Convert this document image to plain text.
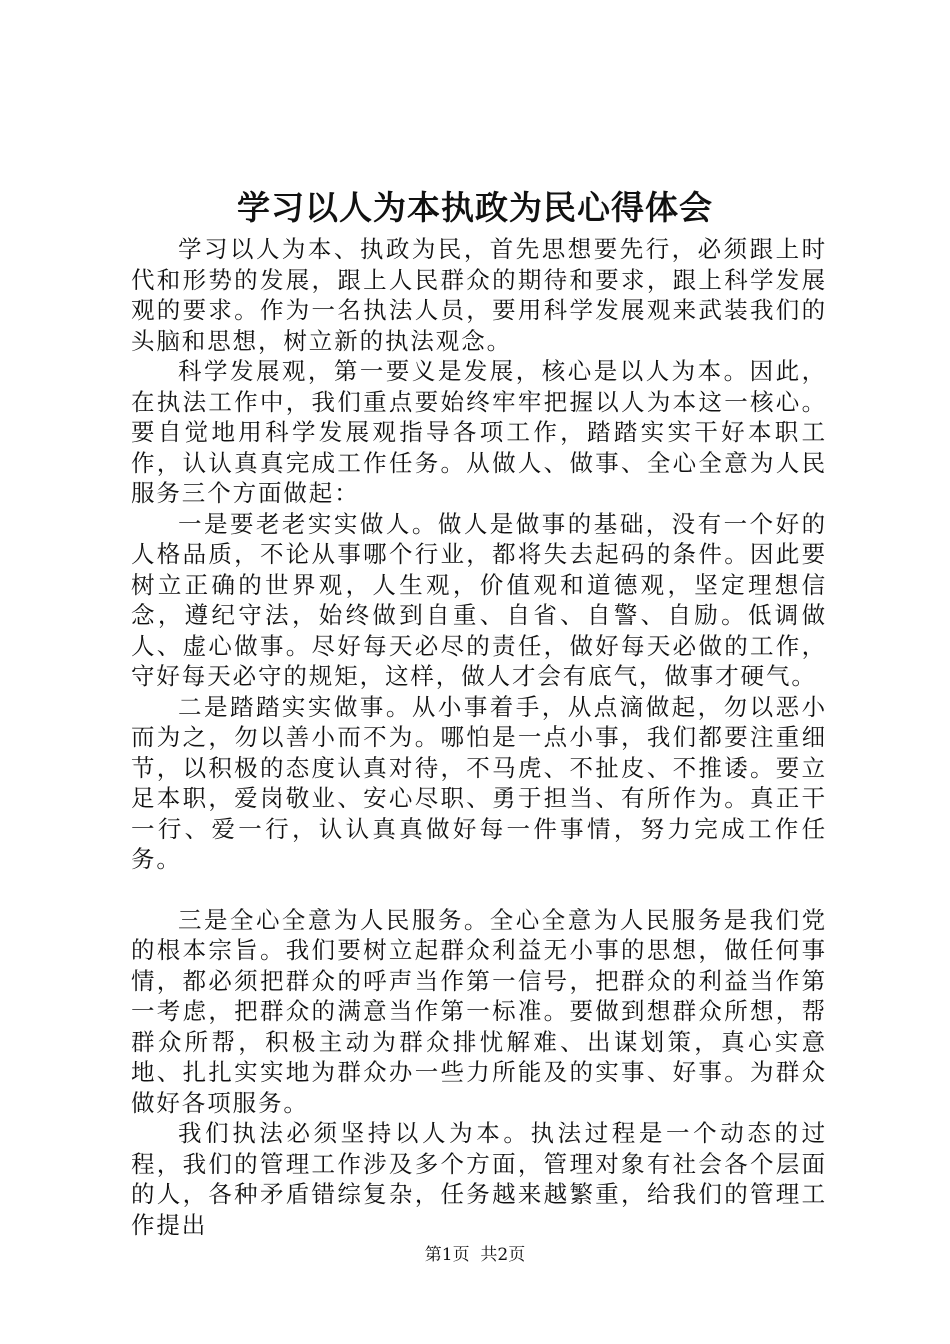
学习以人为本执政为民心得体会

学习以人为本、执政为民，首先思想要先行，必须跟上时代和形势的发展，跟上人民群众的期待和要求，跟上科学发展观的要求。作为一名执法人员，要用科学发展观来武装我们的头脑和思想，树立新的执法观念。

科学发展观，第一要义是发展，核心是以人为本。因此，在执法工作中，我们重点要始终牢牢把握以人为本这一核心。要自觉地用科学发展观指导各项工作，踏踏实实干好本职工作，认认真真完成工作任务。从做人、做事、全心全意为人民服务三个方面做起：

一是要老老实实做人。做人是做事的基础，没有一个好的人格品质，不论从事哪个行业，都将失去起码的条件。因此要树立正确的世界观，人生观，价值观和道德观，坚定理想信念，遵纪守法，始终做到自重、自省、自警、自励。低调做人、虚心做事。尽好每天必尽的责任，做好每天必做的工作，守好每天必守的规矩，这样，做人才会有底气，做事才硬气。

二是踏踏实实做事。从小事着手，从点滴做起，勿以恶小而为之，勿以善小而不为。哪怕是一点小事，我们都要注重细节，以积极的态度认真对待，不马虎、不扯皮、不推诿。要立足本职，爱岗敬业、安心尽职、勇于担当、有所作为。真正干一行、爱一行，认认真真做好每一件事情，努力完成工作任务。

三是全心全意为人民服务。全心全意为人民服务是我们党的根本宗旨。我们要树立起群众利益无小事的思想，做任何事情，都必须把群众的呼声当作第一信号，把群众的利益当作第一考虑，把群众的满意当作第一标准。要做到想群众所想，帮群众所帮，积极主动为群众排忧解难、出谋划策，真心实意地、扎扎实实地为群众办一些力所能及的实事、好事。为群众做好各项服务。

我们执法必须坚持以人为本。执法过程是一个动态的过程，我们的管理工作涉及多个方面，管理对象有社会各个层面的人，各种矛盾错综复杂，任务越来越繁重，给我们的管理工作提出

第1页 共2页
